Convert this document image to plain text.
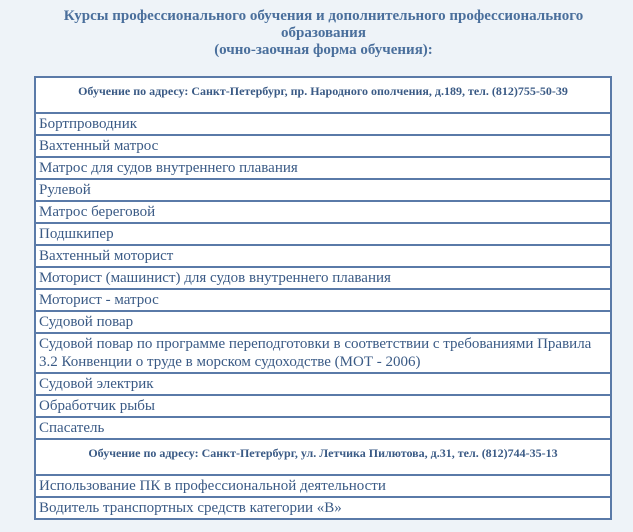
Курсы профессионального обучения и дополнительного профессионального
образования
(очно-заочная форма обучения):
Обучение по адресу: Санкт-Петербург, пр. Народного ополчения, д.189, тел. (812)755-50-39
Бортпроводник
Вахтенный матрос
Матрос для судов внутреннего плавания
Рулевой
Матрос береговой
Подшкипер
Вахтенный моторист
Моторист (машинист) для судов внутреннего плавания
Моторист - матрос
Судовой повар
Судовой повар по программе переподготовки в соответствии с требованиями Правила 3.2 Конвенции о труде в морском судоходстве (МОТ - 2006)
Судовой электрик
Обработчик рыбы
Спасатель
Обучение по адресу: Санкт-Петербург, ул. Летчика Пилютова, д.31, тел. (812)744-35-13
Использование ПК в профессиональной деятельности
Водитель транспортных средств категории «В»
